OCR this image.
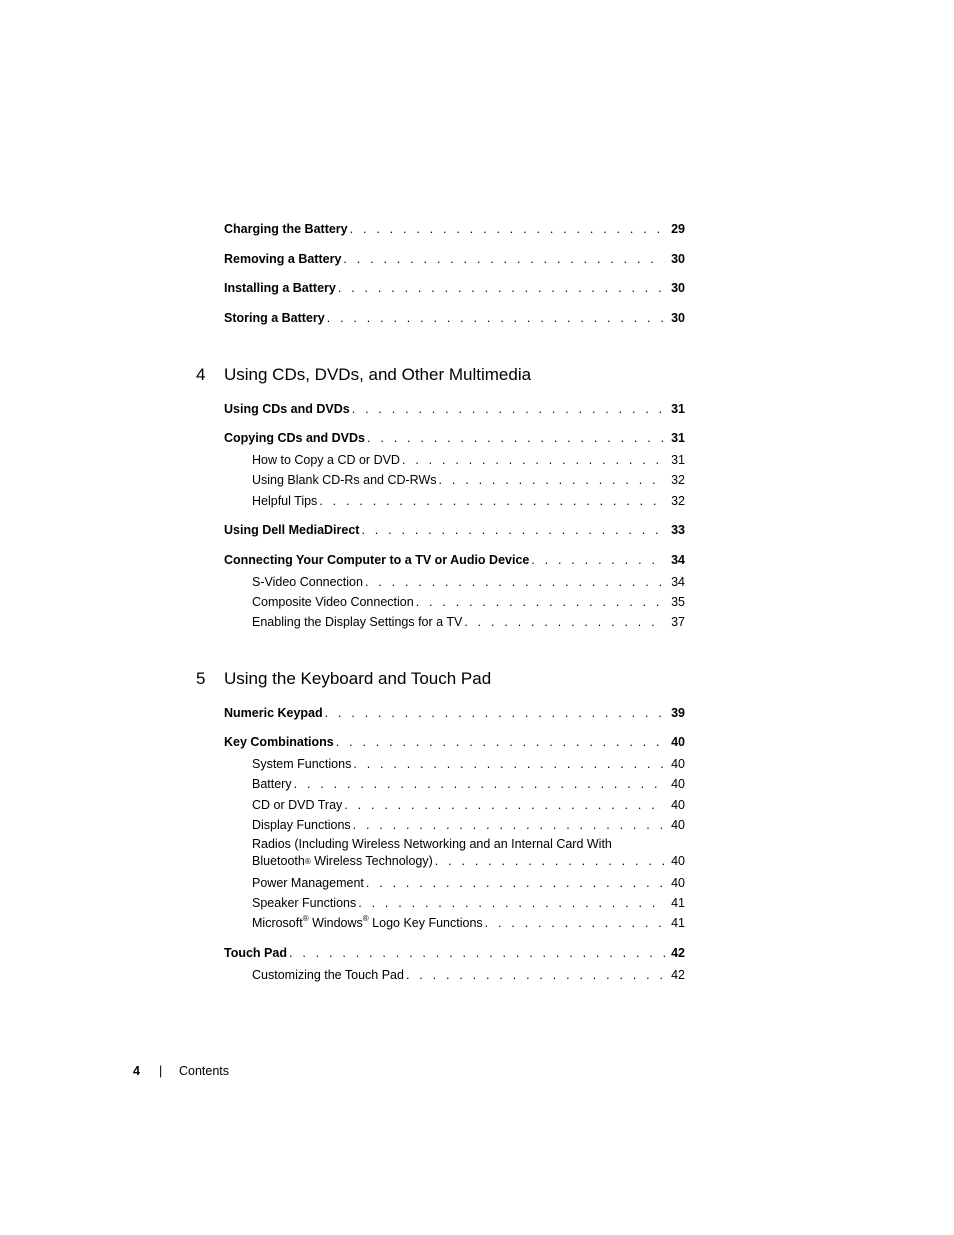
Charging the Battery . . .	29
Removing a Battery . . .	30
Installing a Battery . . .	30
Storing a Battery . . .	30
4 Using CDs, DVDs, and Other Multimedia
Using CDs and DVDs . . .	31
Copying CDs and DVDs . . .	31
How to Copy a CD or DVD . . .	31
Using Blank CD-Rs and CD-RWs . . .	32
Helpful Tips . . .	32
Using Dell MediaDirect . . .	33
Connecting Your Computer to a TV or Audio Device . . .	34
S-Video Connection . . .	34
Composite Video Connection . . .	35
Enabling the Display Settings for a TV . . .	37
5 Using the Keyboard and Touch Pad
Numeric Keypad . . .	39
Key Combinations . . .	40
System Functions . . .	40
Battery . . .	40
CD or DVD Tray . . .	40
Display Functions . . .	40
Radios (Including Wireless Networking and an Internal Card With
Bluetooth® Wireless Technology) . . .	40
Power Management . . .	40
Speaker Functions . . .	41
Microsoft® Windows® Logo Key Functions . . .	41
Touch Pad . . .	42
Customizing the Touch Pad . . .	42
4 | Contents
